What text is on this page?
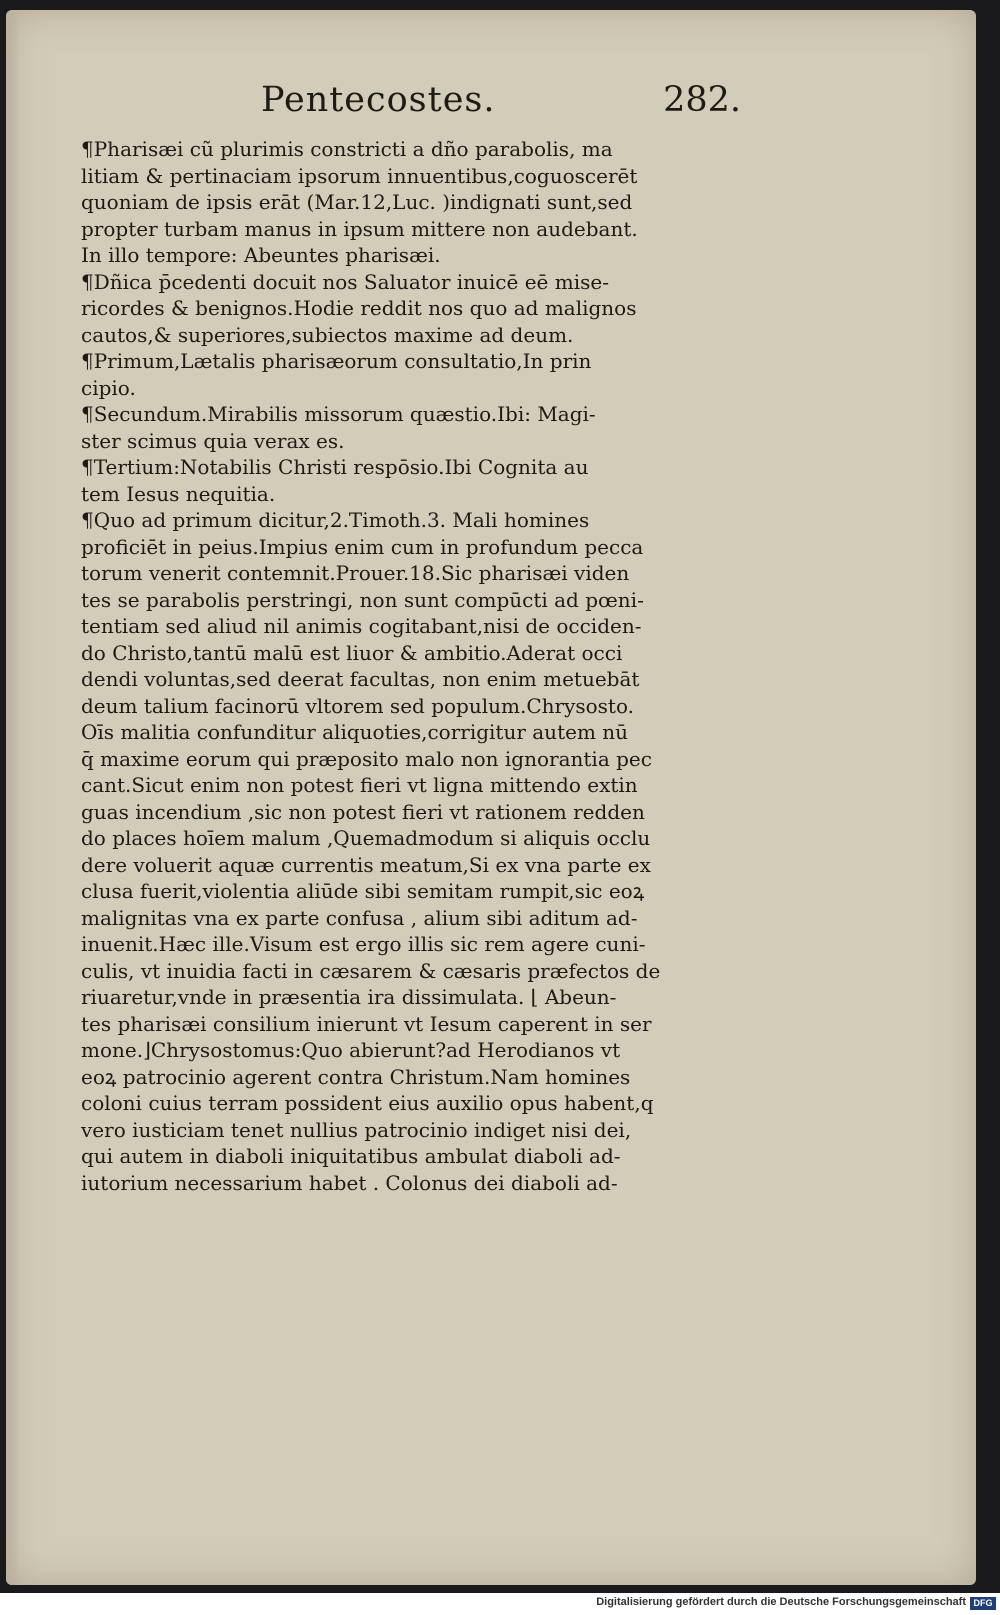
Pentecostes.	282.
¶Pharisæi cũ plurimis constricti a dño parabolis, ma
litiam & pertinaciam ipsorum innuentibus,coguoscerēt
quoniam de ipsis erāt (Mar.12,Luc. )indignati sunt,sed
propter turbam manus in ipsum mittere non audebant.
In illo tempore: Abeuntes pharisæi.
¶Dñica p̄cedenti docuit nos Saluator inuicē eē mise-
ricordes & benignos.Hodie reddit nos quo ad malignos
cautos,& superiores,subiectos maxime ad deum.
¶Primum,Lætalis pharisæorum consultatio,In prin
cipio.
¶Secundum.Mirabilis missorum quæstio.Ibi: Magi-
ster scimus quia verax es.
¶Tertium:Notabilis Christi respōsio.Ibi Cognita au
tem Iesus nequitia.
¶Quo ad primum dicitur,2.Timoth.3. Mali homines
proficiēt in peius.Impius enim cum in profundum pecca
torum venerit contemnit.Prouer.18.Sic pharisæi viden
tes se parabolis perstringi, non sunt compūcti ad pœni-
tentiam sed aliud nil animis cogitabant,nisi de occiden-
do Christo,tantū malū est liuor & ambitio.Aderat occi
dendi voluntas,sed deerat facultas, non enim metuebāt
deum talium facinorū vltorem sed populum.Chrysosto.
Oīs malitia confunditur aliquoties,corrigitur autem nū
q̄ maxime eorum qui præposito malo non ignorantia pec
cant.Sicut enim non potest fieri vt ligna mittendo extin
guas incendium ,sic non potest fieri vt rationem redden
do places hoīem malum ,Quemadmodum si aliquis occlu
dere voluerit aquæ currentis meatum,Si ex vna parte ex
clusa fuerit,violentia aliūde sibi semitam rumpit,sic eoꝝ
malignitas vna ex parte confusa , alium sibi aditum ad-
inuenit.Hæc ille.Visum est ergo illis sic rem agere cuni-
culis, vt inuidia facti in cæsarem & cæsaris præfectos de
riuaretur,vnde in præsentia ira dissimulata. ⌊ Abeun-
tes pharisæi consilium inierunt vt Iesum caperent in ser
mone.⌋Chrysostomus:Quo abierunt?ad Herodianos vt
eoꝝ patrocinio agerent contra Christum.Nam homines
coloni cuius terram possident eius auxilio opus habent,q
vero iusticiam tenet nullius patrocinio indiget nisi dei,
qui autem in diaboli iniquitatibus ambulat diaboli ad-
iutorium necessarium habet . Colonus dei diaboli ad-
Digitalisierung gefördert durch die Deutsche Forschungsgemeinschaft DFG
